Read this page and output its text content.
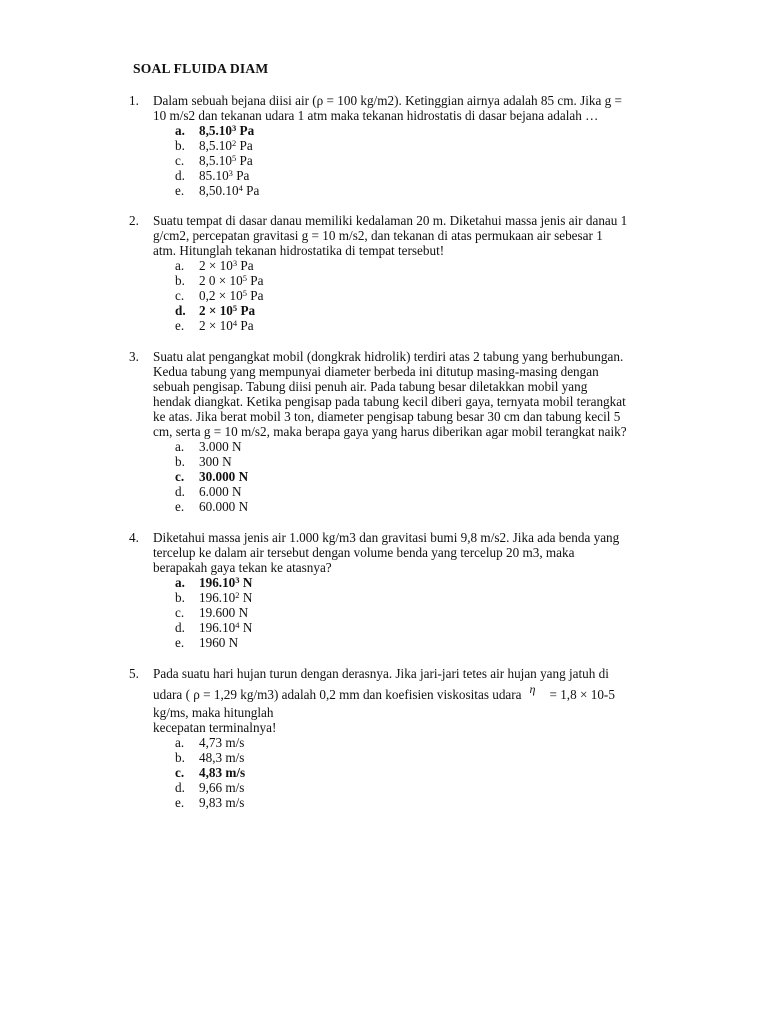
SOAL FLUIDA DIAM
1.	Dalam sebuah bejana diisi air (ρ = 100 kg/m2). Ketinggian airnya adalah 85 cm. Jika g =
10 m/s2 dan tekanan udara 1 atm maka tekanan hidrostatis di dasar bejana adalah …
a. 8,5.10$^3$ Pa
b. 8,5.10$^2$ Pa
c. 8,5.10$^5$ Pa
d. 85.10$^3$ Pa
e. 8,50.10$^4$ Pa
2.	Suatu tempat di dasar danau memiliki kedalaman 20 m. Diketahui massa jenis air danau 1
g/cm2, percepatan gravitasi g = 10 m/s2, dan tekanan di atas permukaan air sebesar 1
atm. Hitunglah tekanan hidrostatika di tempat tersebut!
a. $2 \times 10^3$ Pa
b. 2 $0 \times 10^5$ Pa
c. $0,2 \times 10^5$ Pa
d. $2 \times 10^5$ Pa
e. $2 \times 10^4$ Pa
3.	Suatu alat pengangkat mobil (dongkrak hidrolik) terdiri atas 2 tabung yang berhubungan.
Kedua tabung yang mempunyai diameter berbeda ini ditutup masing-masing dengan
sebuah pengisap. Tabung diisi penuh air. Pada tabung besar diletakkan mobil yang
hendak diangkat. Ketika pengisap pada tabung kecil diberi gaya, ternyata mobil terangkat
ke atas. Jika berat mobil 3 ton, diameter pengisap tabung besar 30 cm dan tabung kecil 5
cm, serta g = 10 m/s2, maka berapa gaya yang harus diberikan agar mobil terangkat naik?
a. 3.000 N
b. 300 N
c. 30.000 N
d. 6.000 N
e. 60.000 N
4.	Diketahui massa jenis air 1.000 kg/m3 dan gravitasi bumi 9,8 m/s2. Jika ada benda yang
tercelup ke dalam air tersebut dengan volume benda yang tercelup 20 m3, maka
berapakah gaya tekan ke atasnya?
a. 196.10$^3$ N
b. 196.10$^2$ N
c. 19.600 N
d. 196.10$^4$ N
e. 1960 N
5.	Pada suatu hari hujan turun dengan derasnya. Jika jari-jari tetes air hujan yang jatuh di
udara ( ρ = 1,29 kg/m3) adalah 0,2 mm dan koefisien viskositas udara η = 1,8 × 10-5
kg/ms, maka hitunglah
kecepatan terminalnya!
a. 4,73 m/s
b. 48,3 m/s
c. 4,83 m/s
d. 9,66 m/s
e. 9,83 m/s
